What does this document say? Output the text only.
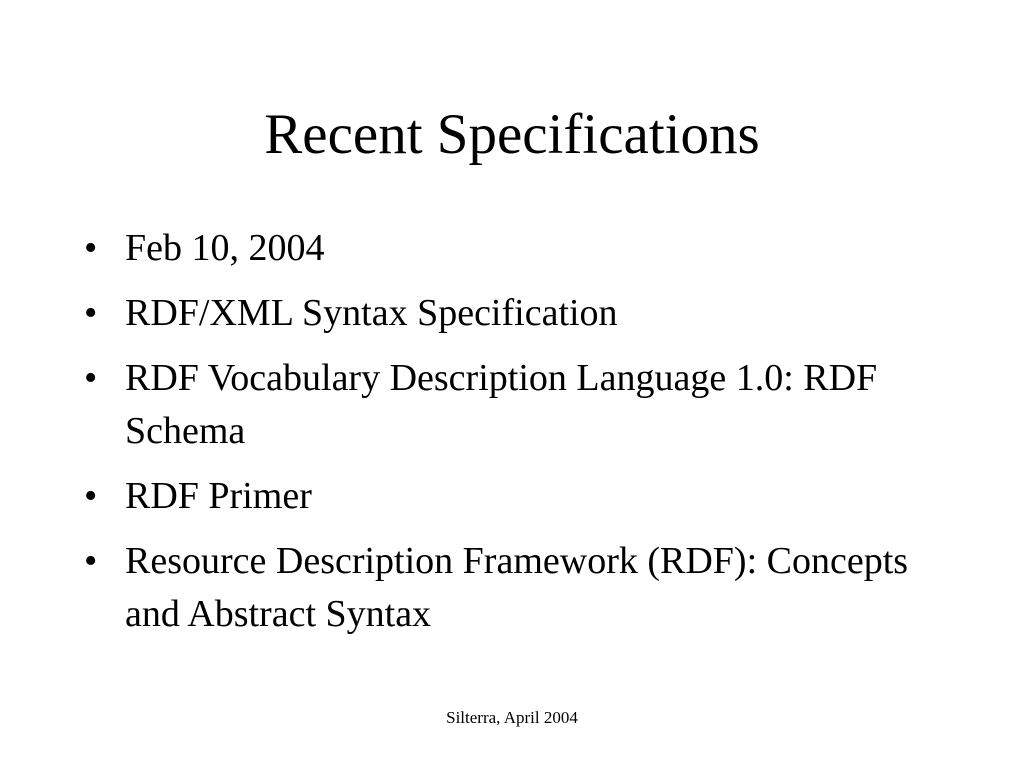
Recent Specifications
• Feb 10, 2004
• RDF/XML Syntax Specification
• RDF Vocabulary Description Language 1.0: RDF Schema
• RDF Primer
• Resource Description Framework (RDF): Concepts and Abstract Syntax
Silterra, April 2004
